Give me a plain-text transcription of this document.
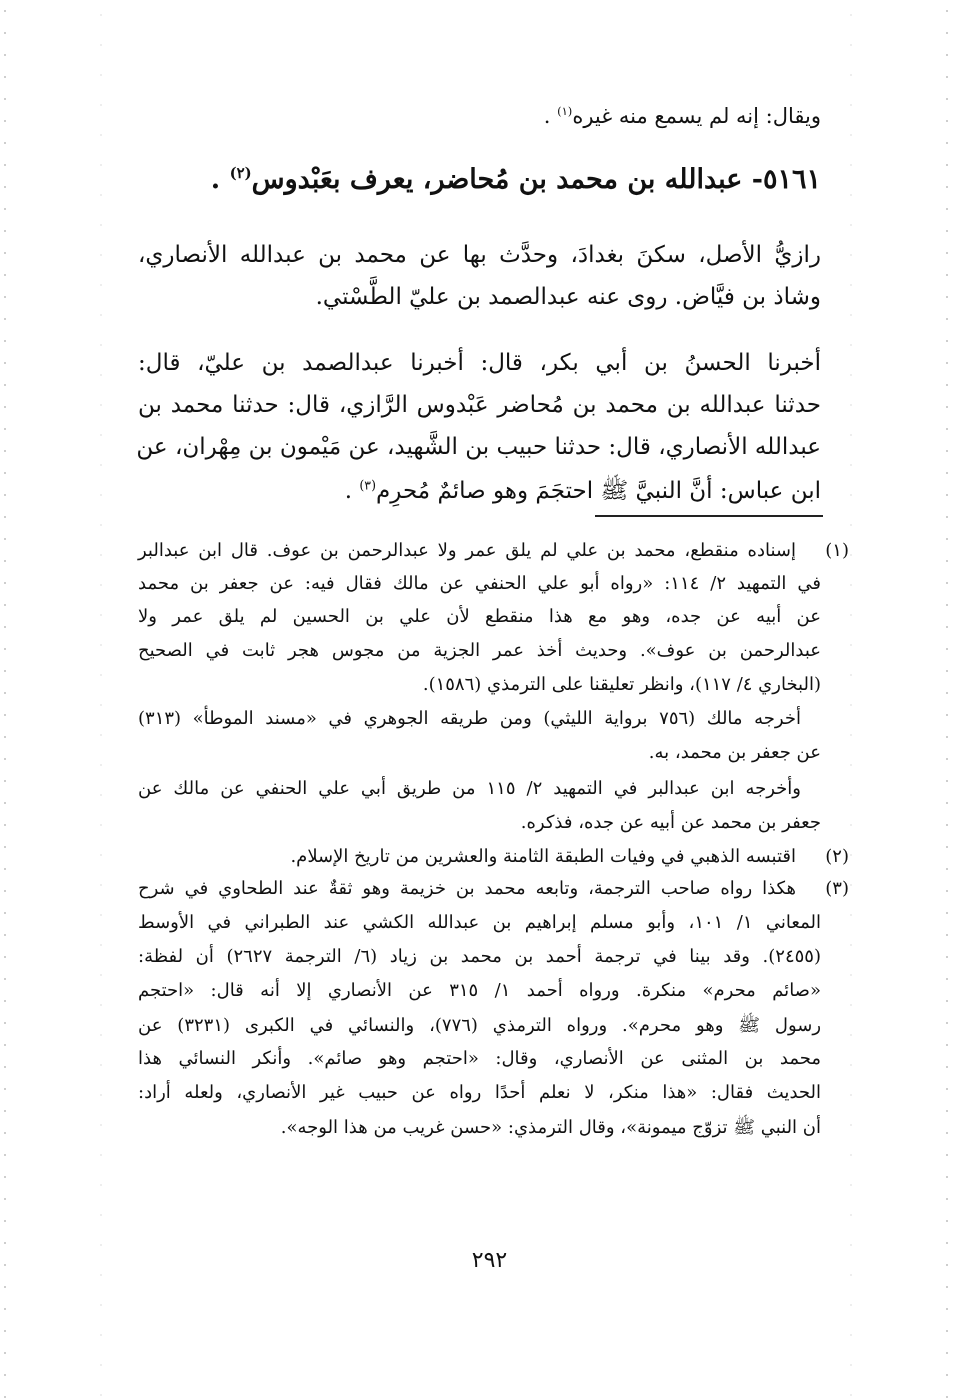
ويقال: إنه لم يسمع منه غيره$^{(١)}$ .
٥١٦١- عبدالله بن محمد بن مُحاضر، يعرف بعَبْدوس$^{(٢)}$ .
رازيُّ الأصل، سكنَ بغدادَ، وحدَّث بها عن محمد بن عبدالله الأنصاري،
وشاذ بن فيَّاض. روى عنه عبدالصمد بن عليّ الطَّسْتي.
أخبرنا الحسنُ بن أبي بكر، قال: أخبرنا عبدالصمد بن عليّ، قال:
حدثنا عبدالله بن محمد بن مُحاضر عَبْدوس الرَّازي، قال: حدثنا محمد بن
عبدالله الأنصاري، قال: حدثنا حبيب بن الشَّهيد، عن مَيْمون بن مِهْران، عن
ابن عباس: أنَّ النبيَّ ﷺ احتجَمَ وهو صائمٌ مُحرِم$^{(٣)}$ .
(١)
إسناده منقطع، محمد بن علي لم يلق عمر ولا عبدالرحمن بن عوف. قال ابن عبدالبر
في التمهيد ٢/ ١١٤: «رواه أبو علي الحنفي عن مالك فقال فيه: عن جعفر بن محمد
عن أبيه عن جده، وهو مع هذا منقطع لأن علي بن الحسين لم يلق عمر ولا
عبدالرحمن بن عوف». وحديث أخذ عمر الجزية من مجوس هجر ثابت في الصحيح
(البخاري ٤/ ١١٧)، وانظر تعليقنا على الترمذي (١٥٨٦).
أخرجه مالك (٧٥٦ برواية الليثي) ومن طريقه الجوهري في «مسند الموطأ» (٣١٣)
عن جعفر بن محمد، به.
وأخرجه ابن عبدالبر في التمهيد ٢/ ١١٥ من طريق أبي علي الحنفي عن مالك عن
جعفر بن محمد عن أبيه عن جده، فذكره.
(٢)
اقتبسه الذهبي في وفيات الطبقة الثامنة والعشرين من تاريخ الإسلام.
(٣)
هكذا رواه صاحب الترجمة، وتابعه محمد بن خزيمة وهو ثقةٌ عند الطحاوي في شرح
المعاني ١/ ١٠١، وأبو مسلم إبراهيم بن عبدالله الكشي عند الطبراني في الأوسط
(٢٤٥٥). وقد بينا في ترجمة أحمد بن محمد بن زياد (٦/ الترجمة ٢٦٢٧) أن لفظة:
«صائم محرم» منكرة. ورواه أحمد ١/ ٣١٥ عن الأنصاري إلا أنه قال: «احتجم
رسول ﷺ وهو محرم». ورواه الترمذي (٧٧٦)، والنسائي في الكبرى (٣٢٣١) عن
محمد بن المثنى عن الأنصاري، وقال: «احتجم وهو صائم». وأنكر النسائي هذا
الحديث فقال: «هذا منكر، لا نعلم أحدًا رواه عن حبيب غير الأنصاري، ولعله أراد:
أن النبي ﷺ تزوّج ميمونة»، وقال الترمذي: «حسن غريب من هذا الوجه».
٢٩٢
